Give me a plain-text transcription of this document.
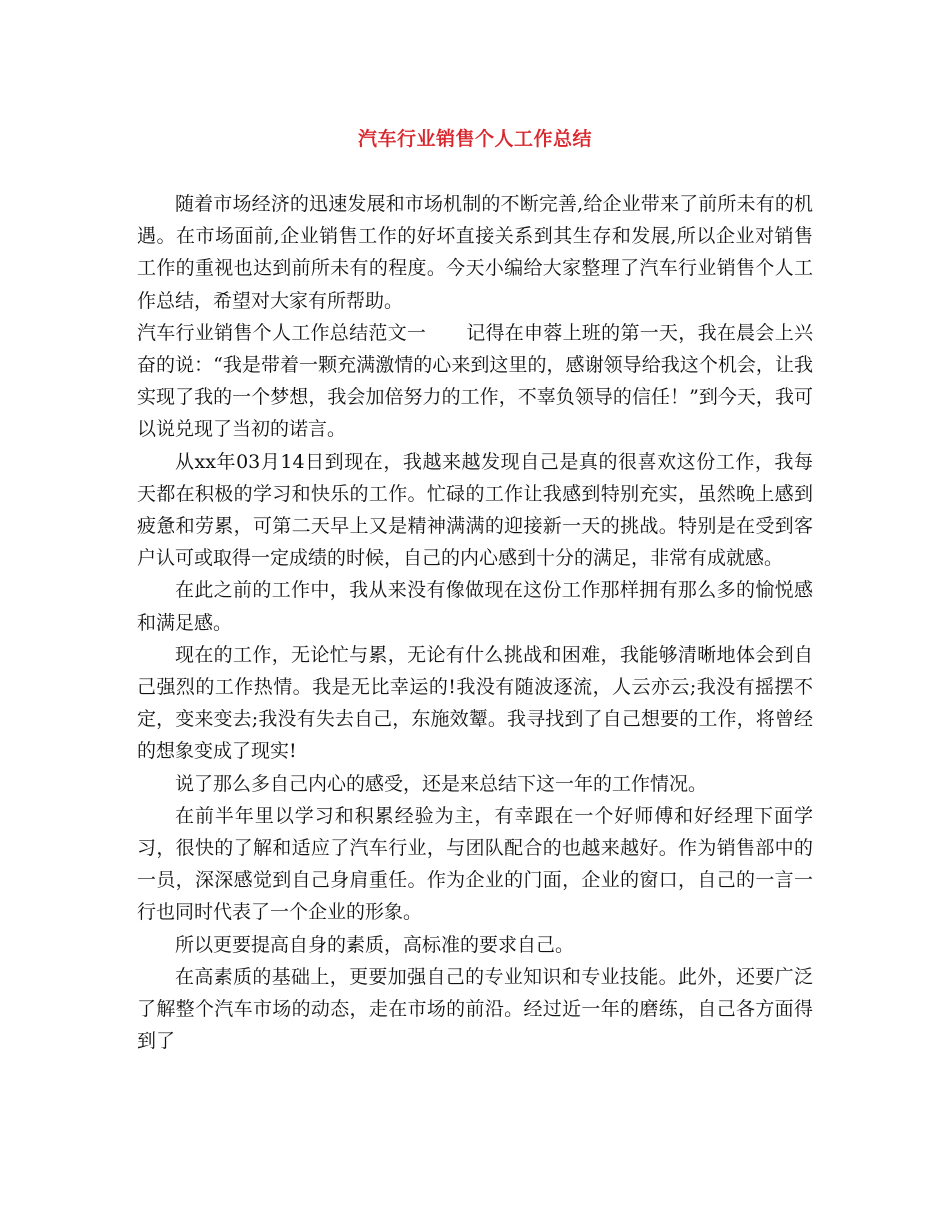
汽车行业销售个人工作总结

随着市场经济的迅速发展和市场机制的不断完善,给企业带来了前所未有的机遇。在市场面前,企业销售工作的好坏直接关系到其生存和发展,所以企业对销售工作的重视也达到前所未有的程度。今天小编给大家整理了汽车行业销售个人工作总结，希望对大家有所帮助。

汽车行业销售个人工作总结范文一 记得在申蓉上班的第一天，我在晨会上兴奋的说：“我是带着一颗充满激情的心来到这里的，感谢领导给我这个机会，让我实现了我的一个梦想，我会加倍努力的工作，不辜负领导的信任！”到今天，我可以说兑现了当初的诺言。

从xx年03月14日到现在，我越来越发现自己是真的很喜欢这份工作，我每天都在积极的学习和快乐的工作。忙碌的工作让我感到特别充实，虽然晚上感到疲惫和劳累，可第二天早上又是精神满满的迎接新一天的挑战。特别是在受到客户认可或取得一定成绩的时候，自己的内心感到十分的满足，非常有成就感。

在此之前的工作中，我从来没有像做现在这份工作那样拥有那么多的愉悦感和满足感。

现在的工作，无论忙与累，无论有什么挑战和困难，我能够清晰地体会到自己强烈的工作热情。我是无比幸运的!我没有随波逐流，人云亦云;我没有摇摆不定，变来变去;我没有失去自己，东施效颦。我寻找到了自己想要的工作，将曾经的想象变成了现实!

说了那么多自己内心的感受，还是来总结下这一年的工作情况。

在前半年里以学习和积累经验为主，有幸跟在一个好师傅和好经理下面学习，很快的了解和适应了汽车行业，与团队配合的也越来越好。作为销售部中的一员，深深感觉到自己身肩重任。作为企业的门面，企业的窗口，自己的一言一行也同时代表了一个企业的形象。

所以更要提高自身的素质，高标准的要求自己。

在高素质的基础上，更要加强自己的专业知识和专业技能。此外，还要广泛了解整个汽车市场的动态，走在市场的前沿。经过近一年的磨练，自己各方面得到了
